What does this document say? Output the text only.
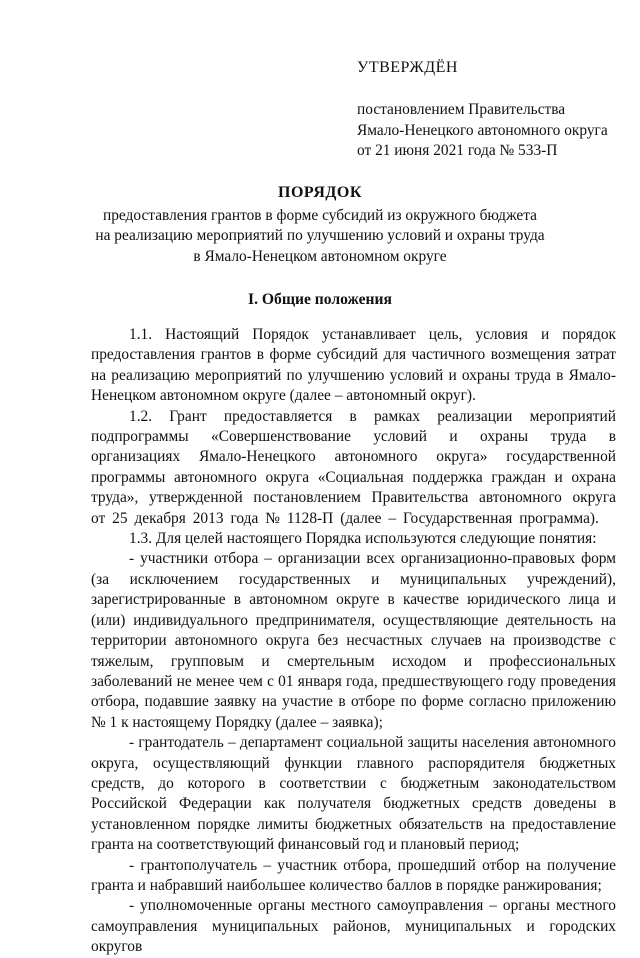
УТВЕРЖДЁН
постановлением Правительства
Ямало-Ненецкого автономного округа
от 21 июня 2021 года № 533-П
ПОРЯДОК
предоставления грантов в форме субсидий из окружного бюджета
на реализацию мероприятий по улучшению условий и охраны труда
в Ямало-Ненецком автономном округе
I. Общие положения

1.1. Настоящий Порядок устанавливает цель, условия и порядок предоставления грантов в форме субсидий для частичного возмещения затрат на реализацию мероприятий по улучшению условий и охраны труда в Ямало-Ненецком автономном округе (далее – автономный округ).

1.2. Грант предоставляется в рамках реализации мероприятий подпрограммы «Совершенствование условий и охраны труда в организациях Ямало-Ненецкого автономного округа» государственной программы автономного округа «Социальная поддержка граждан и охрана труда», утвержденной постановлением Правительства автономного округа от 25 декабря 2013 года № 1128-П (далее – Государственная программа).

1.3. Для целей настоящего Порядка используются следующие понятия:

- участники отбора – организации всех организационно-правовых форм (за исключением государственных и муниципальных учреждений), зарегистрированные в автономном округе в качестве юридического лица и (или) индивидуального предпринимателя, осуществляющие деятельность на территории автономного округа без несчастных случаев на производстве с тяжелым, групповым и смертельным исходом и профессиональных заболеваний не менее чем с 01 января года, предшествующего году проведения отбора, подавшие заявку на участие в отборе по форме согласно приложению № 1 к настоящему Порядку (далее – заявка);

- грантодатель – департамент социальной защиты населения автономного округа, осуществляющий функции главного распорядителя бюджетных средств, до которого в соответствии с бюджетным законодательством Российской Федерации как получателя бюджетных средств доведены в установленном порядке лимиты бюджетных обязательств на предоставление гранта на соответствующий финансовый год и плановый период;

- грантополучатель – участник отбора, прошедший отбор на получение гранта и набравший наибольшее количество баллов в порядке ранжирования;

- уполномоченные органы местного самоуправления – органы местного самоуправления муниципальных районов, муниципальных и городских округов
